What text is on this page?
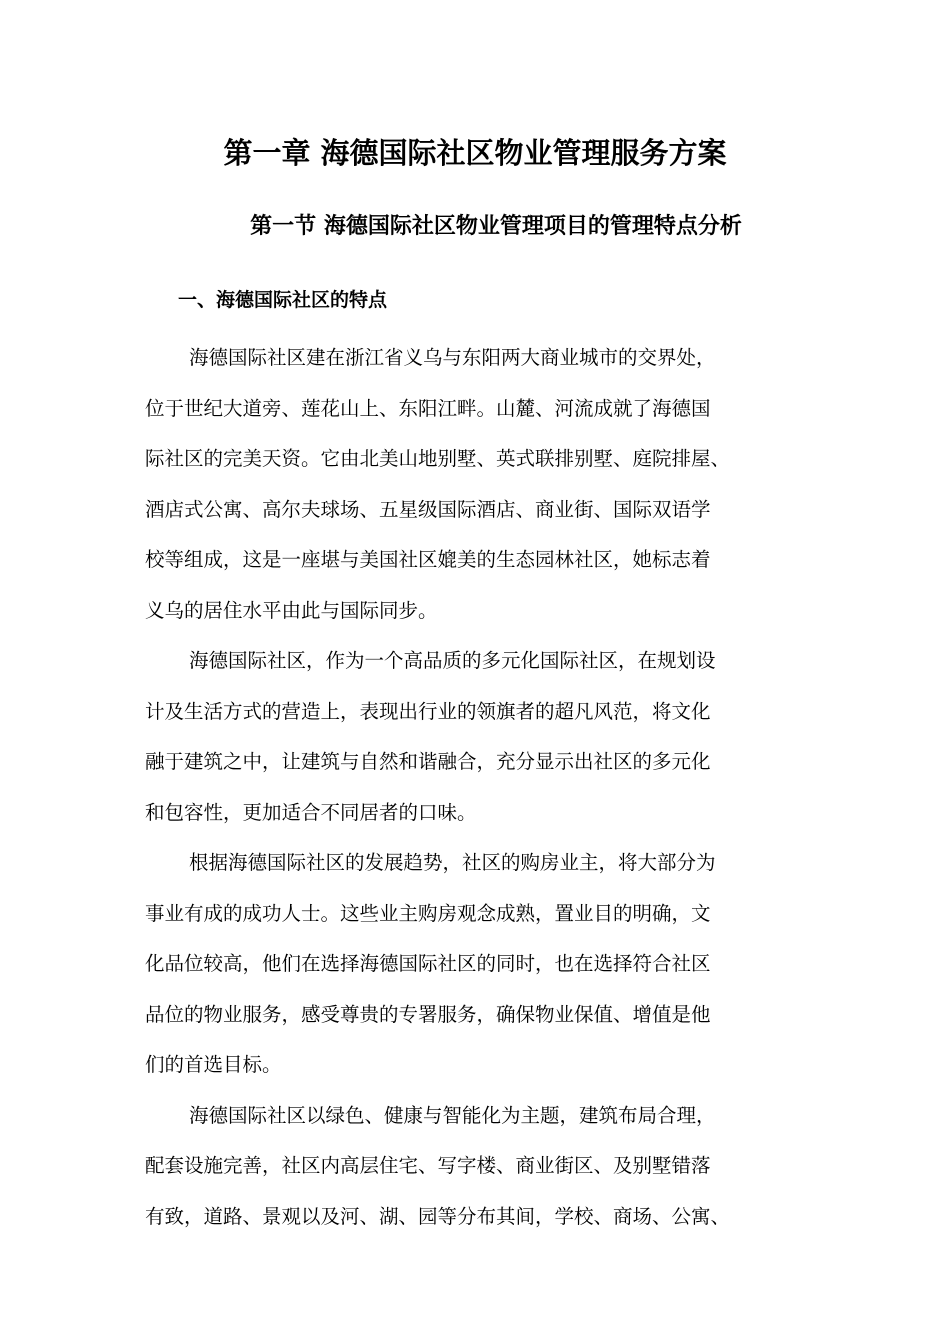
第一章 海德国际社区物业管理服务方案
第一节 海德国际社区物业管理项目的管理特点分析
一、海德国际社区的特点

海德国际社区建在浙江省义乌与东阳两大商业城市的交界处，
位于世纪大道旁、莲花山上、东阳江畔。山麓、河流成就了海德国
际社区的完美天资。它由北美山地别墅、英式联排别墅、庭院排屋、
酒店式公寓、高尔夫球场、五星级国际酒店、商业街、国际双语学
校等组成，这是一座堪与美国社区媲美的生态园林社区，她标志着
义乌的居住水平由此与国际同步。

海德国际社区，作为一个高品质的多元化国际社区，在规划设
计及生活方式的营造上，表现出行业的领旗者的超凡风范，将文化
融于建筑之中，让建筑与自然和谐融合，充分显示出社区的多元化
和包容性，更加适合不同居者的口味。

根据海德国际社区的发展趋势，社区的购房业主，将大部分为
事业有成的成功人士。这些业主购房观念成熟，置业目的明确，文
化品位较高，他们在选择海德国际社区的同时，也在选择符合社区
品位的物业服务，感受尊贵的专署服务，确保物业保值、增值是他
们的首选目标。

海德国际社区以绿色、健康与智能化为主题，建筑布局合理，
配套设施完善，社区内高层住宅、写字楼、商业街区、及别墅错落
有致，道路、景观以及河、湖、园等分布其间，学校、商场、公寓、
